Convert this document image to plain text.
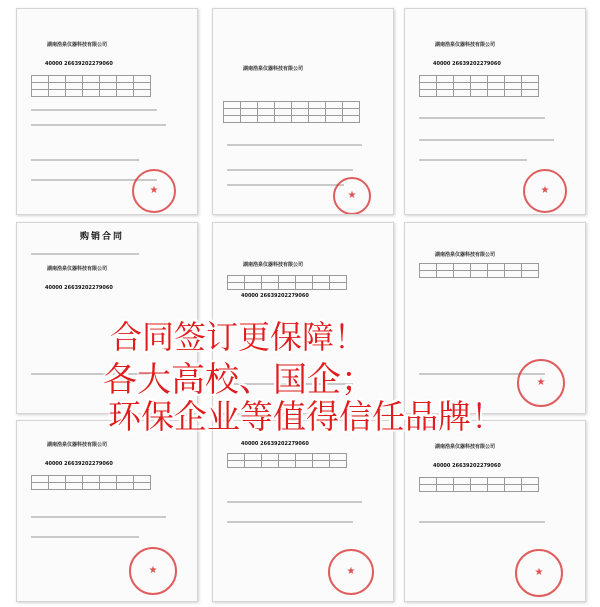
湖南浩泉仪器科技有限公司
40000 26639202279060

★
湖南浩泉仪器科技有限公司

★
湖南浩泉仪器科技有限公司
40000 26639202279060

★
购销合同
湖南浩泉仪器科技有限公司
40000 26639202279060
湖南浩泉仪器科技有限公司
40000 26639202279060

湖南浩泉仪器科技有限公司

★
湖南浩泉仪器科技有限公司
40000 26639202279060

★
40000 26639202279060

★	湖南浩泉仪器科技有限公司
40000 26639202279060

★
合同签订更保障！
各大高校、国企；
环保企业等值得信任品牌！
